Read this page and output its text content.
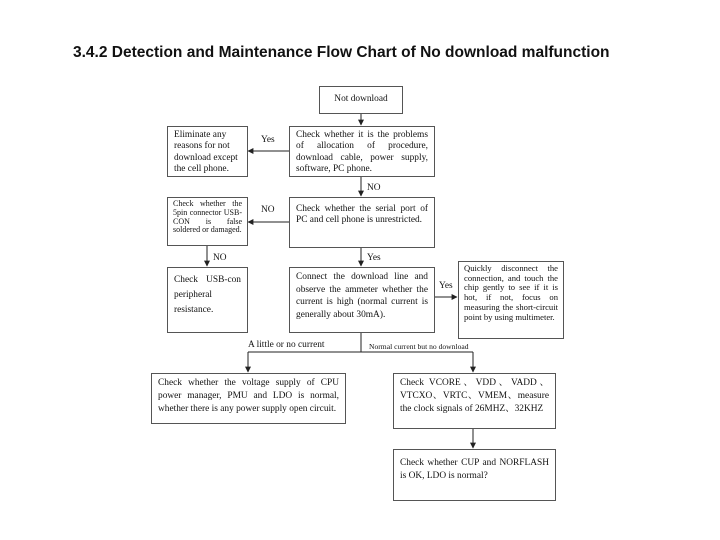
3.4.2 Detection and Maintenance Flow Chart of No download malfunction
Not download
Check whether it is the problems of allocation of procedure, download cable, power supply, software, PC phone.
Eliminate any reasons for not download except the cell phone.
Check whether the serial port of PC and cell phone is unrestricted.
Check whether the 5pin connector USB-CON is false soldered or damaged.
Check USB-con peripheral resistance.
Connect the download line and observe the ammeter whether the current is high (normal current is generally about 30mA).
Quickly disconnect the connection, and touch the chip gently to see if it is hot, if not, focus on measuring the short-circuit point by using multimeter.
Check whether the voltage supply of CPU power manager, PMU and LDO is normal, whether there is any power supply open circuit.
Check VCORE、VDD、VADD、VTCXO、VRTC、VMEM、measure the clock signals of 26MHZ、32KHZ
Check whether CUP and NORFLASH is OK, LDO is normal?
Yes
NO
NO
NO	Yes
Yes
A little or no current	Normal current but no download
